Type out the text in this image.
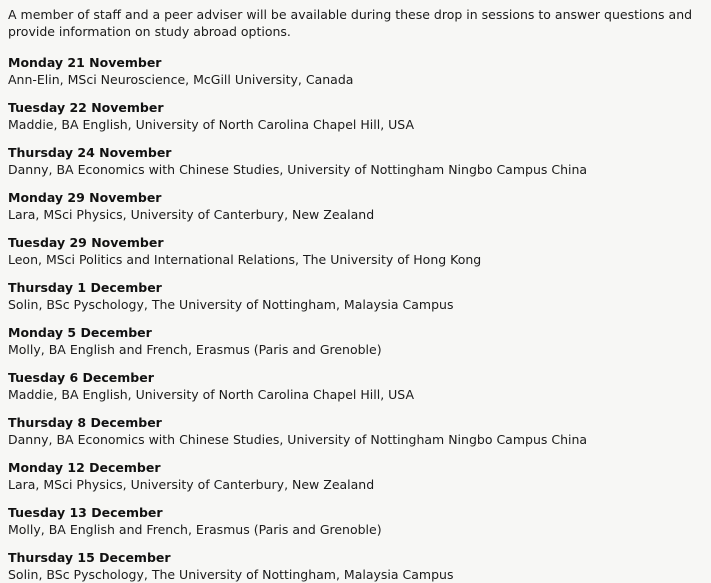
A member of staff and a peer adviser will be available during these drop in sessions to answer questions and provide information on study abroad options.

Monday 21 November

Ann-Elin, MSci Neuroscience, McGill University, Canada

Tuesday 22 November

Maddie, BA English, University of North Carolina Chapel Hill, USA

Thursday 24 November

Danny, BA Economics with Chinese Studies, University of Nottingham Ningbo Campus China

Monday 29 November

Lara, MSci Physics, University of Canterbury, New Zealand

Tuesday 29 November

Leon, MSci Politics and International Relations, The University of Hong Kong

Thursday 1 December

Solin, BSc Pyschology, The University of Nottingham, Malaysia Campus

Monday 5 December

Molly, BA English and French, Erasmus (Paris and Grenoble)

Tuesday 6 December

Maddie, BA English, University of North Carolina Chapel Hill, USA

Thursday 8 December

Danny, BA Economics with Chinese Studies, University of Nottingham Ningbo Campus China

Monday 12 December

Lara, MSci Physics, University of Canterbury, New Zealand

Tuesday 13 December

Molly, BA English and French, Erasmus (Paris and Grenoble)

Thursday 15 December

Solin, BSc Pyschology, The University of Nottingham, Malaysia Campus
